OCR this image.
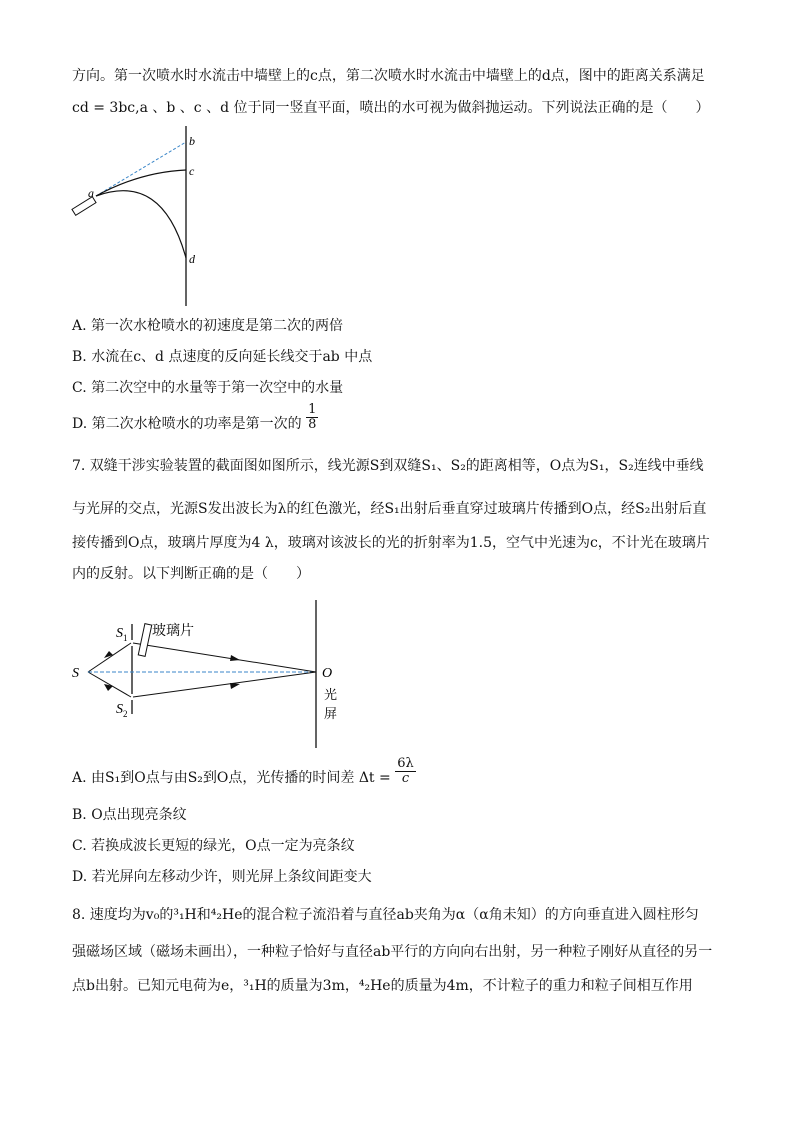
方向。第一次喷水时水流击中墙壁上的c点，第二次喷水时水流击中墙壁上的d点，图中的距离关系满足
cd = 3bc,a 、b 、c 、d 位于同一竖直平面，喷出的水可视为做斜抛运动。下列说法正确的是（　　）
a
b
c
d
A. 第一次水枪喷水的初速度是第二次的两倍
B. 水流在c、d 点速度的反向延长线交于ab 中点
C. 第二次空中的水量等于第一次空中的水量
D. 第二次水枪喷水的功率是第一次的 $\frac{1}{8}$
7. 双缝干涉实验装置的截面图如图所示，线光源S到双缝S₁、S₂的距离相等，O点为S₁，S₂连线中垂线
与光屏的交点，光源S发出波长为λ的红色激光，经S₁出射后垂直穿过玻璃片传播到O点，经S₂出射后直
接传播到O点，玻璃片厚度为4 λ，玻璃对该波长的光的折射率为1.5，空气中光速为c，不计光在玻璃片
内的反射。以下判断正确的是（　　）
S
$S_1$
$S_2$
玻璃片
O
光
屏
A. 由S₁到O点与由S₂到O点，光传播的时间差 $\Delta t = \frac{6\lambda}{c}$
B. O点出现亮条纹
C. 若换成波长更短的绿光，O点一定为亮条纹
D. 若光屏向左移动少许，则光屏上条纹间距变大
8. 速度均为v₀的³₁H和⁴₂He的混合粒子流沿着与直径ab夹角为α（α角未知）的方向垂直进入圆柱形匀
强磁场区域（磁场未画出），一种粒子恰好与直径ab平行的方向向右出射，另一种粒子刚好从直径的另一
点b出射。已知元电荷为e，³₁H的质量为3m，⁴₂He的质量为4m，不计粒子的重力和粒子间相互作用
